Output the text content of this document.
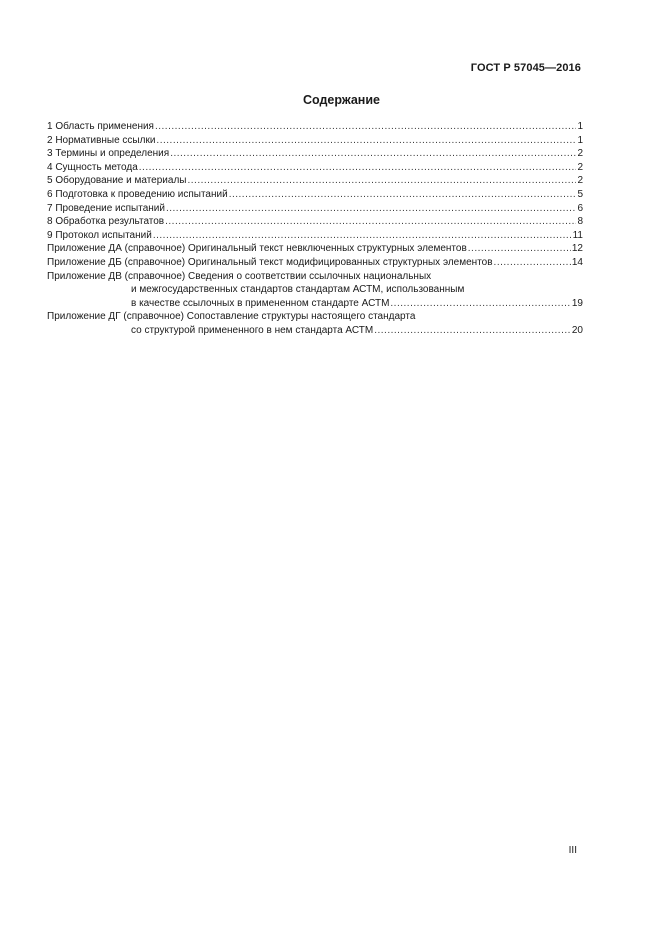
ГОСТ Р 57045—2016
Содержание
1 Область применения .....	1
2 Нормативные ссылки .....	1
3 Термины и определения .....	2
4 Сущность метода .....	2
5 Оборудование и материалы .....	2
6 Подготовка к проведению испытаний .....	5
7 Проведение испытаний .....	6
8 Обработка результатов .....	8
9 Протокол испытаний .....	11
Приложение ДА (справочное) Оригинальный текст невключенных структурных элементов .....	12
Приложение ДБ (справочное) Оригинальный текст модифицированных структурных элементов .....	14
Приложение ДВ (справочное) Сведения о соответствии ссылочных национальных
и межгосударственных стандартов стандартам АСТМ, использованным
в качестве ссылочных в примененном стандарте АСТМ .....	19
Приложение ДГ (справочное) Сопоставление структуры настоящего стандарта
со структурой примененного в нем стандарта АСТМ .....	20
III
